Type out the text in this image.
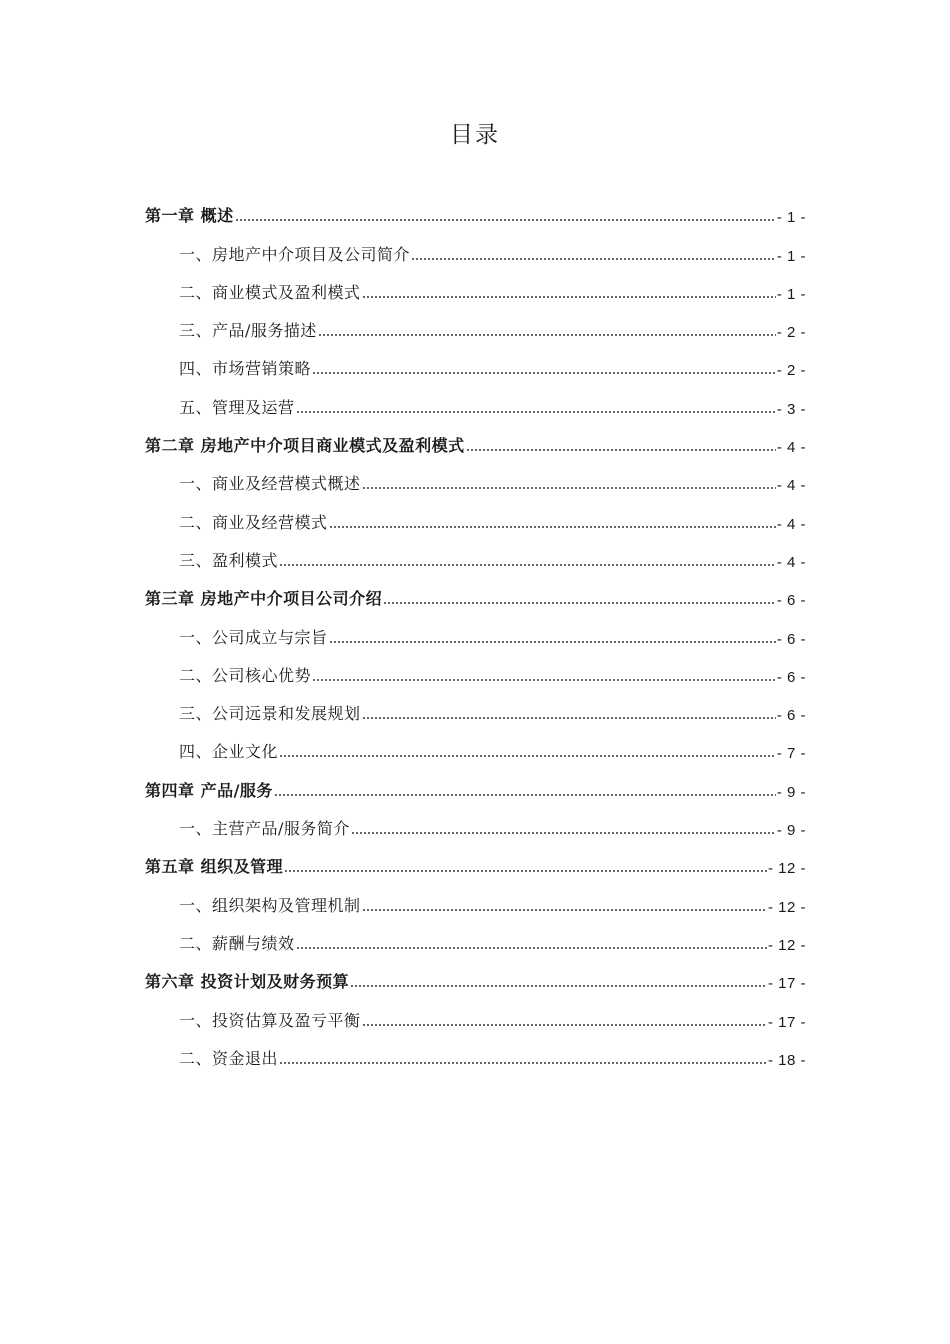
目录
第一章 概述	- 1 -
一、房地产中介项目及公司简介	- 1 -
二、商业模式及盈利模式	- 1 -
三、产品/服务描述	- 2 -
四、市场营销策略	- 2 -
五、管理及运营	- 3 -
第二章 房地产中介项目商业模式及盈利模式	- 4 -
一、商业及经营模式概述	- 4 -
二、商业及经营模式	- 4 -
三、盈利模式	- 4 -
第三章 房地产中介项目公司介绍	- 6 -
一、公司成立与宗旨	- 6 -
二、公司核心优势	- 6 -
三、公司远景和发展规划	- 6 -
四、企业文化	- 7 -
第四章 产品/服务	- 9 -
一、主营产品/服务简介	- 9 -
第五章 组织及管理	- 12 -
一、组织架构及管理机制	- 12 -
二、薪酬与绩效	- 12 -
第六章 投资计划及财务预算	- 17 -
一、投资估算及盈亏平衡	- 17 -
二、资金退出	- 18 -
